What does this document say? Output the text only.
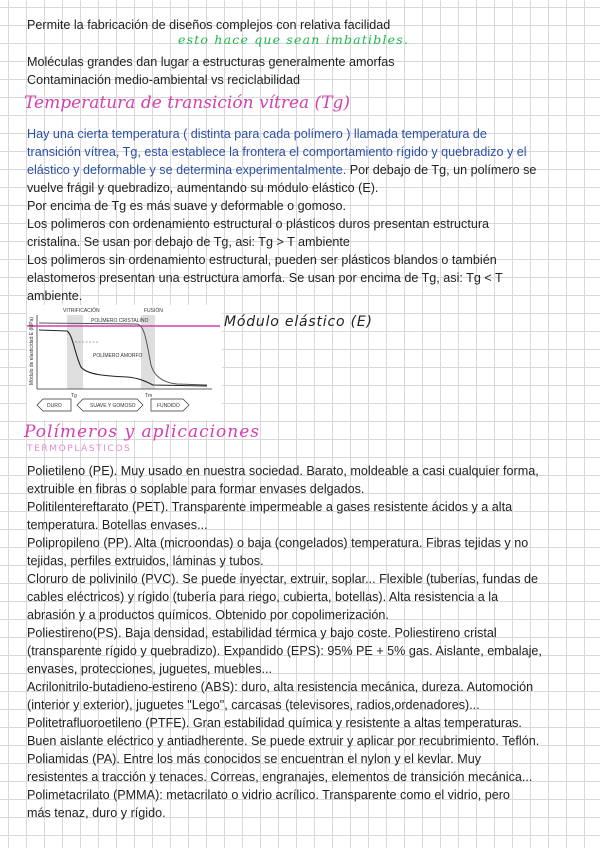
Permite la fabricación de diseños complejos con relativa facilidad
esto hace que sean imbatibles.
Moléculas grandes dan lugar a estructuras generalmente amorfas
Contaminación medio-ambiental vs reciclabilidad
Temperatura de transición vítrea (Tg)
Hay una cierta temperatura ( distinta para cada polímero ) llamada temperatura de
transición vítrea, Tg, esta establece la frontera el comportamiento rígido y quebradizo y el
elástico y deformable y se determina experimentalmente. Por debajo de Tg, un polímero se
vuelve frágil y quebradizo, aumentando su módulo elástico (E).
Por encima de Tg es más suave y deformable o gomoso.
Los polimeros con ordenamiento estructural o plásticos duros presentan estructura
cristalina. Se usan por debajo de Tg, asi: Tg > T ambiente
Los polimeros sin ordenamiento estructural, pueden ser plásticos blandos o también
elastomeros presentan una estructura amorfa. Se usan por encima de Tg, asi: Tg < T
ambiente.
VITRIFICACIÓN	FUSIÓN
POLÍMERO CRISTALINO
POLÍMERO AMORFO
Módulo de elasticidad E (MPa)
Tg	Tm
DURO	SUAVE Y GOMOSO	FUNDIDO
Módulo elástico (E)
Polímeros y aplicaciones
TERMOPLÁSTICOS
Polietileno (PE). Muy usado en nuestra sociedad. Barato, moldeable a casi cualquier forma,
extruible en fibras o soplable para formar envases delgados.
Politilentereftarato (PET). Transparente impermeable a gases resistente ácidos y a alta
temperatura. Botellas envases...
Polipropileno (PP). Alta (microondas) o baja (congelados) temperatura. Fibras tejidas y no
tejidas, perfiles extruidos, láminas y tubos.
Cloruro de polivinilo (PVC). Se puede inyectar, extruir, soplar... Flexible (tuberías, fundas de
cables eléctricos) y rígido (tubería para riego, cubierta, botellas). Alta resistencia a la
abrasión y a productos químicos. Obtenido por copolimerización.
Poliestireno(PS). Baja densidad, estabilidad térmica y bajo coste. Poliestireno cristal
(transparente rígido y quebradizo). Expandido (EPS): 95% PE + 5% gas. Aislante, embalaje,
envases, protecciones, juguetes, muebles...
Acrilonitrilo-butadieno-estireno (ABS): duro, alta resistencia mecánica, dureza. Automoción
(interior y exterior), juguetes "Lego", carcasas (televisores, radios,ordenadores)...
Politetrafluoroetileno (PTFE). Gran estabilidad química y resistente a altas temperaturas.
Buen aislante eléctrico y antiadherente. Se puede extruir y aplicar por recubrimiento. Teflón.
Poliamidas (PA). Entre los más conocidos se encuentran el nylon y el kevlar. Muy
resistentes a tracción y tenaces. Correas, engranajes, elementos de transición mecánica...
Polimetacrilato (PMMA): metacrilato o vidrio acrílico. Transparente como el vidrio, pero
más tenaz, duro y rígido.
